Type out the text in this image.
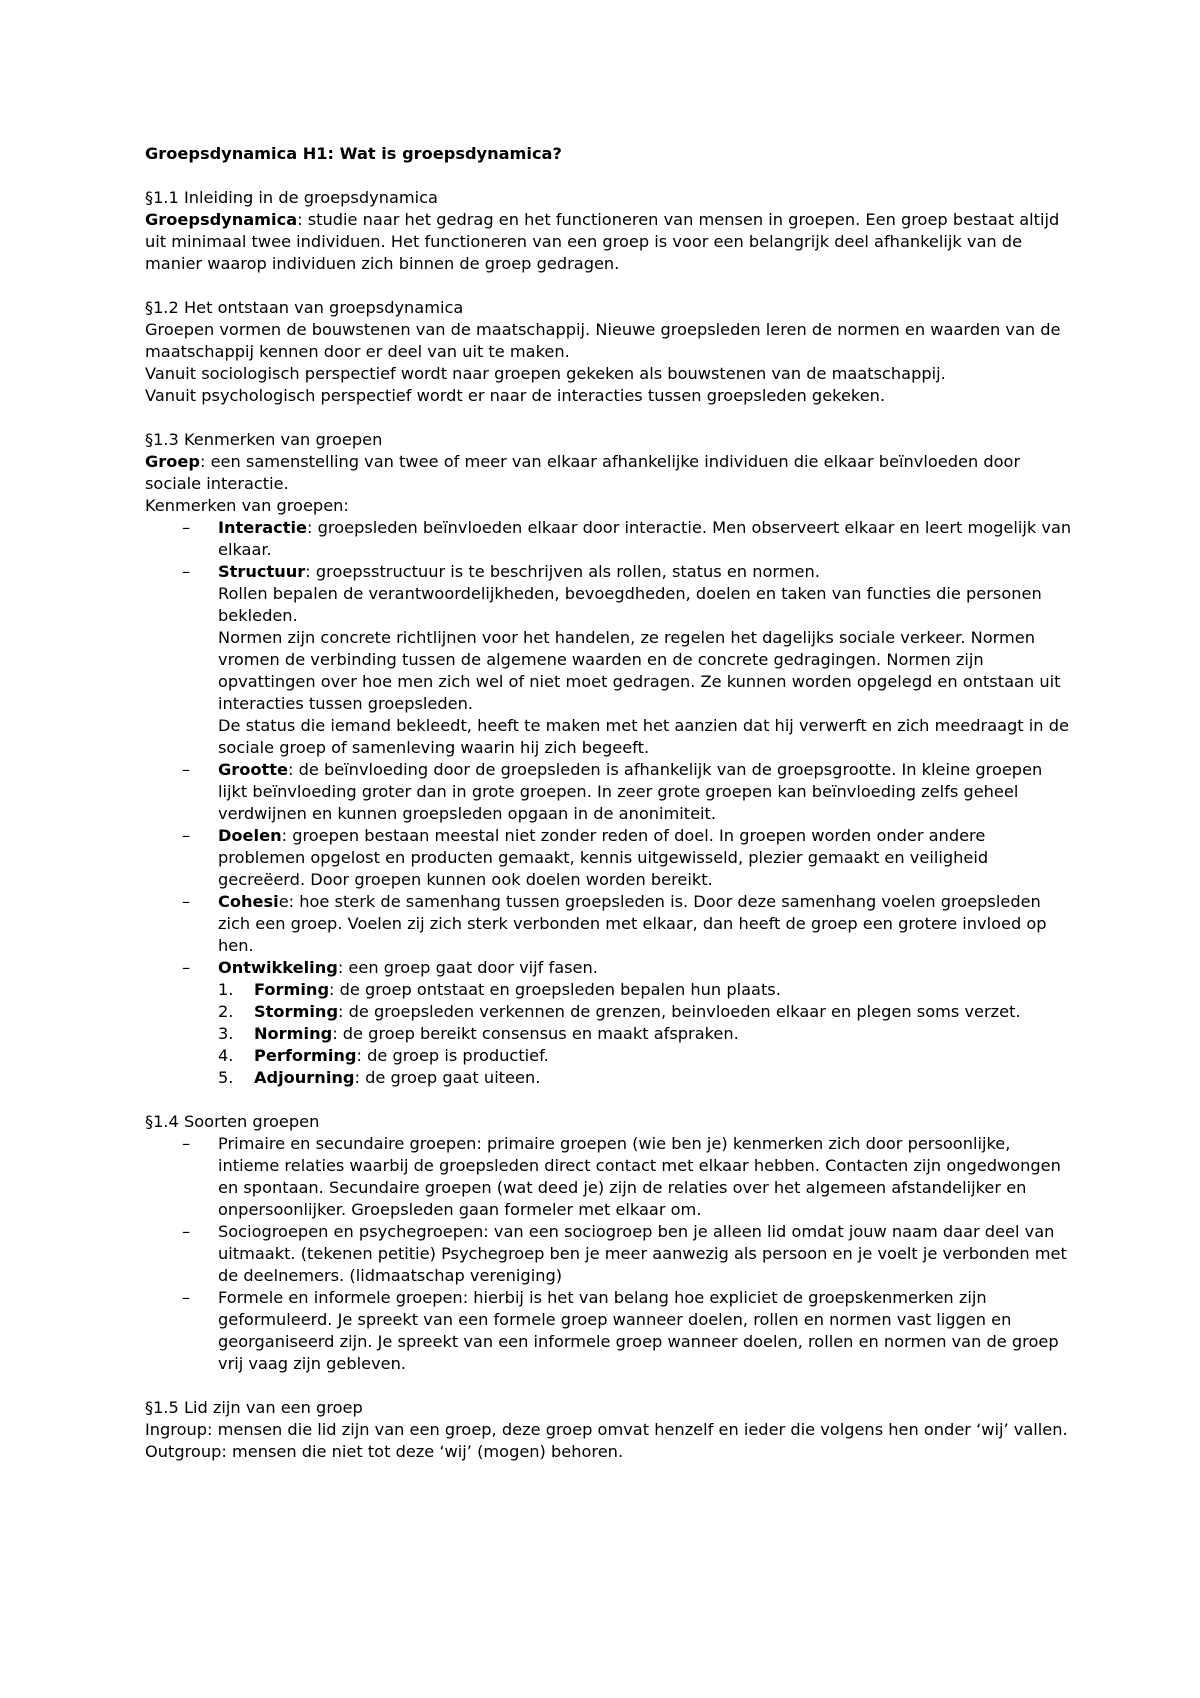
Groepsdynamica H1: Wat is groepsdynamica?

§1.1 Inleiding in de groepsdynamica

Groepsdynamica: studie naar het gedrag en het functioneren van mensen in groepen. Een groep bestaat altijd uit minimaal twee individuen. Het functioneren van een groep is voor een belangrijk deel afhankelijk van de manier waarop individuen zich binnen de groep gedragen.

§1.2 Het ontstaan van groepsdynamica

Groepen vormen de bouwstenen van de maatschappij. Nieuwe groepsleden leren de normen en waarden van de maatschappij kennen door er deel van uit te maken.

Vanuit sociologisch perspectief wordt naar groepen gekeken als bouwstenen van de maatschappij.

Vanuit psychologisch perspectief wordt er naar de interacties tussen groepsleden gekeken.

§1.3 Kenmerken van groepen

Groep: een samenstelling van twee of meer van elkaar afhankelijke individuen die elkaar beïnvloeden door sociale interactie.

Kenmerken van groepen:

– Interactie: groepsleden beïnvloeden elkaar door interactie. Men observeert elkaar en leert mogelijk van elkaar.
– Structuur: groepsstructuur is te beschrijven als rollen, status en normen.
Rollen bepalen de verantwoordelijkheden, bevoegdheden, doelen en taken van functies die personen bekleden.
Normen zijn concrete richtlijnen voor het handelen, ze regelen het dagelijks sociale verkeer. Normen vromen de verbinding tussen de algemene waarden en de concrete gedragingen. Normen zijn opvattingen over hoe men zich wel of niet moet gedragen. Ze kunnen worden opgelegd en ontstaan uit interacties tussen groepsleden.
De status die iemand bekleedt, heeft te maken met het aanzien dat hij verwerft en zich meedraagt in de sociale groep of samenleving waarin hij zich begeeft.
– Grootte: de beïnvloeding door de groepsleden is afhankelijk van de groepsgrootte. In kleine groepen lijkt beïnvloeding groter dan in grote groepen. In zeer grote groepen kan beïnvloeding zelfs geheel verdwijnen en kunnen groepsleden opgaan in de anonimiteit.
– Doelen: groepen bestaan meestal niet zonder reden of doel. In groepen worden onder andere problemen opgelost en producten gemaakt, kennis uitgewisseld, plezier gemaakt en veiligheid gecreëerd. Door groepen kunnen ook doelen worden bereikt.
– Cohesie: hoe sterk de samenhang tussen groepsleden is. Door deze samenhang voelen groepsleden zich een groep. Voelen zij zich sterk verbonden met elkaar, dan heeft de groep een grotere invloed op hen.
– Ontwikkeling: een groep gaat door vijf fasen.
1. Forming: de groep ontstaat en groepsleden bepalen hun plaats.
2. Storming: de groepsleden verkennen de grenzen, beinvloeden elkaar en plegen soms verzet.
3. Norming: de groep bereikt consensus en maakt afspraken.
4. Performing: de groep is productief.
5. Adjourning: de groep gaat uiteen.

§1.4 Soorten groepen

– Primaire en secundaire groepen: primaire groepen (wie ben je) kenmerken zich door persoonlijke, intieme relaties waarbij de groepsleden direct contact met elkaar hebben. Contacten zijn ongedwongen en spontaan. Secundaire groepen (wat deed je) zijn de relaties over het algemeen afstandelijker en onpersoonlijker. Groepsleden gaan formeler met elkaar om.
– Sociogroepen en psychegroepen: van een sociogroep ben je alleen lid omdat jouw naam daar deel van uitmaakt. (tekenen petitie) Psychegroep ben je meer aanwezig als persoon en je voelt je verbonden met de deelnemers. (lidmaatschap vereniging)
– Formele en informele groepen: hierbij is het van belang hoe expliciet de groepskenmerken zijn geformuleerd. Je spreekt van een formele groep wanneer doelen, rollen en normen vast liggen en georganiseerd zijn. Je spreekt van een informele groep wanneer doelen, rollen en normen van de groep vrij vaag zijn gebleven.

§1.5 Lid zijn van een groep

Ingroup: mensen die lid zijn van een groep, deze groep omvat henzelf en ieder die volgens hen onder ‘wij’ vallen.

Outgroup: mensen die niet tot deze ‘wij’ (mogen) behoren.
